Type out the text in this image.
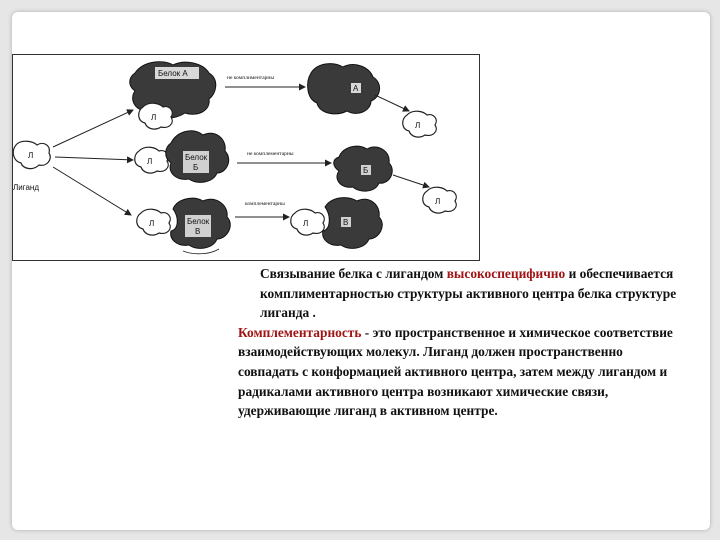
Л
Лиганд
Белок А
Л
не комплиментарны
А
Л
Л	Белок
Б
не комплементарны
Б
Л
Л	Белок
В
комплементарны
Л	В

Связывание белка с лигандом высокоспецифично и обеспечивается комплиментарностью структуры активного центра белка структуре лиганда .

Комплементарность - это пространственное и химическое соответствие взаимодействующих молекул. Лиганд должен пространственно совпадать с конформацией активного центра, затем между лигандом и радикалами активного центра возникают химические связи, удерживающие лиганд в активном центре.
